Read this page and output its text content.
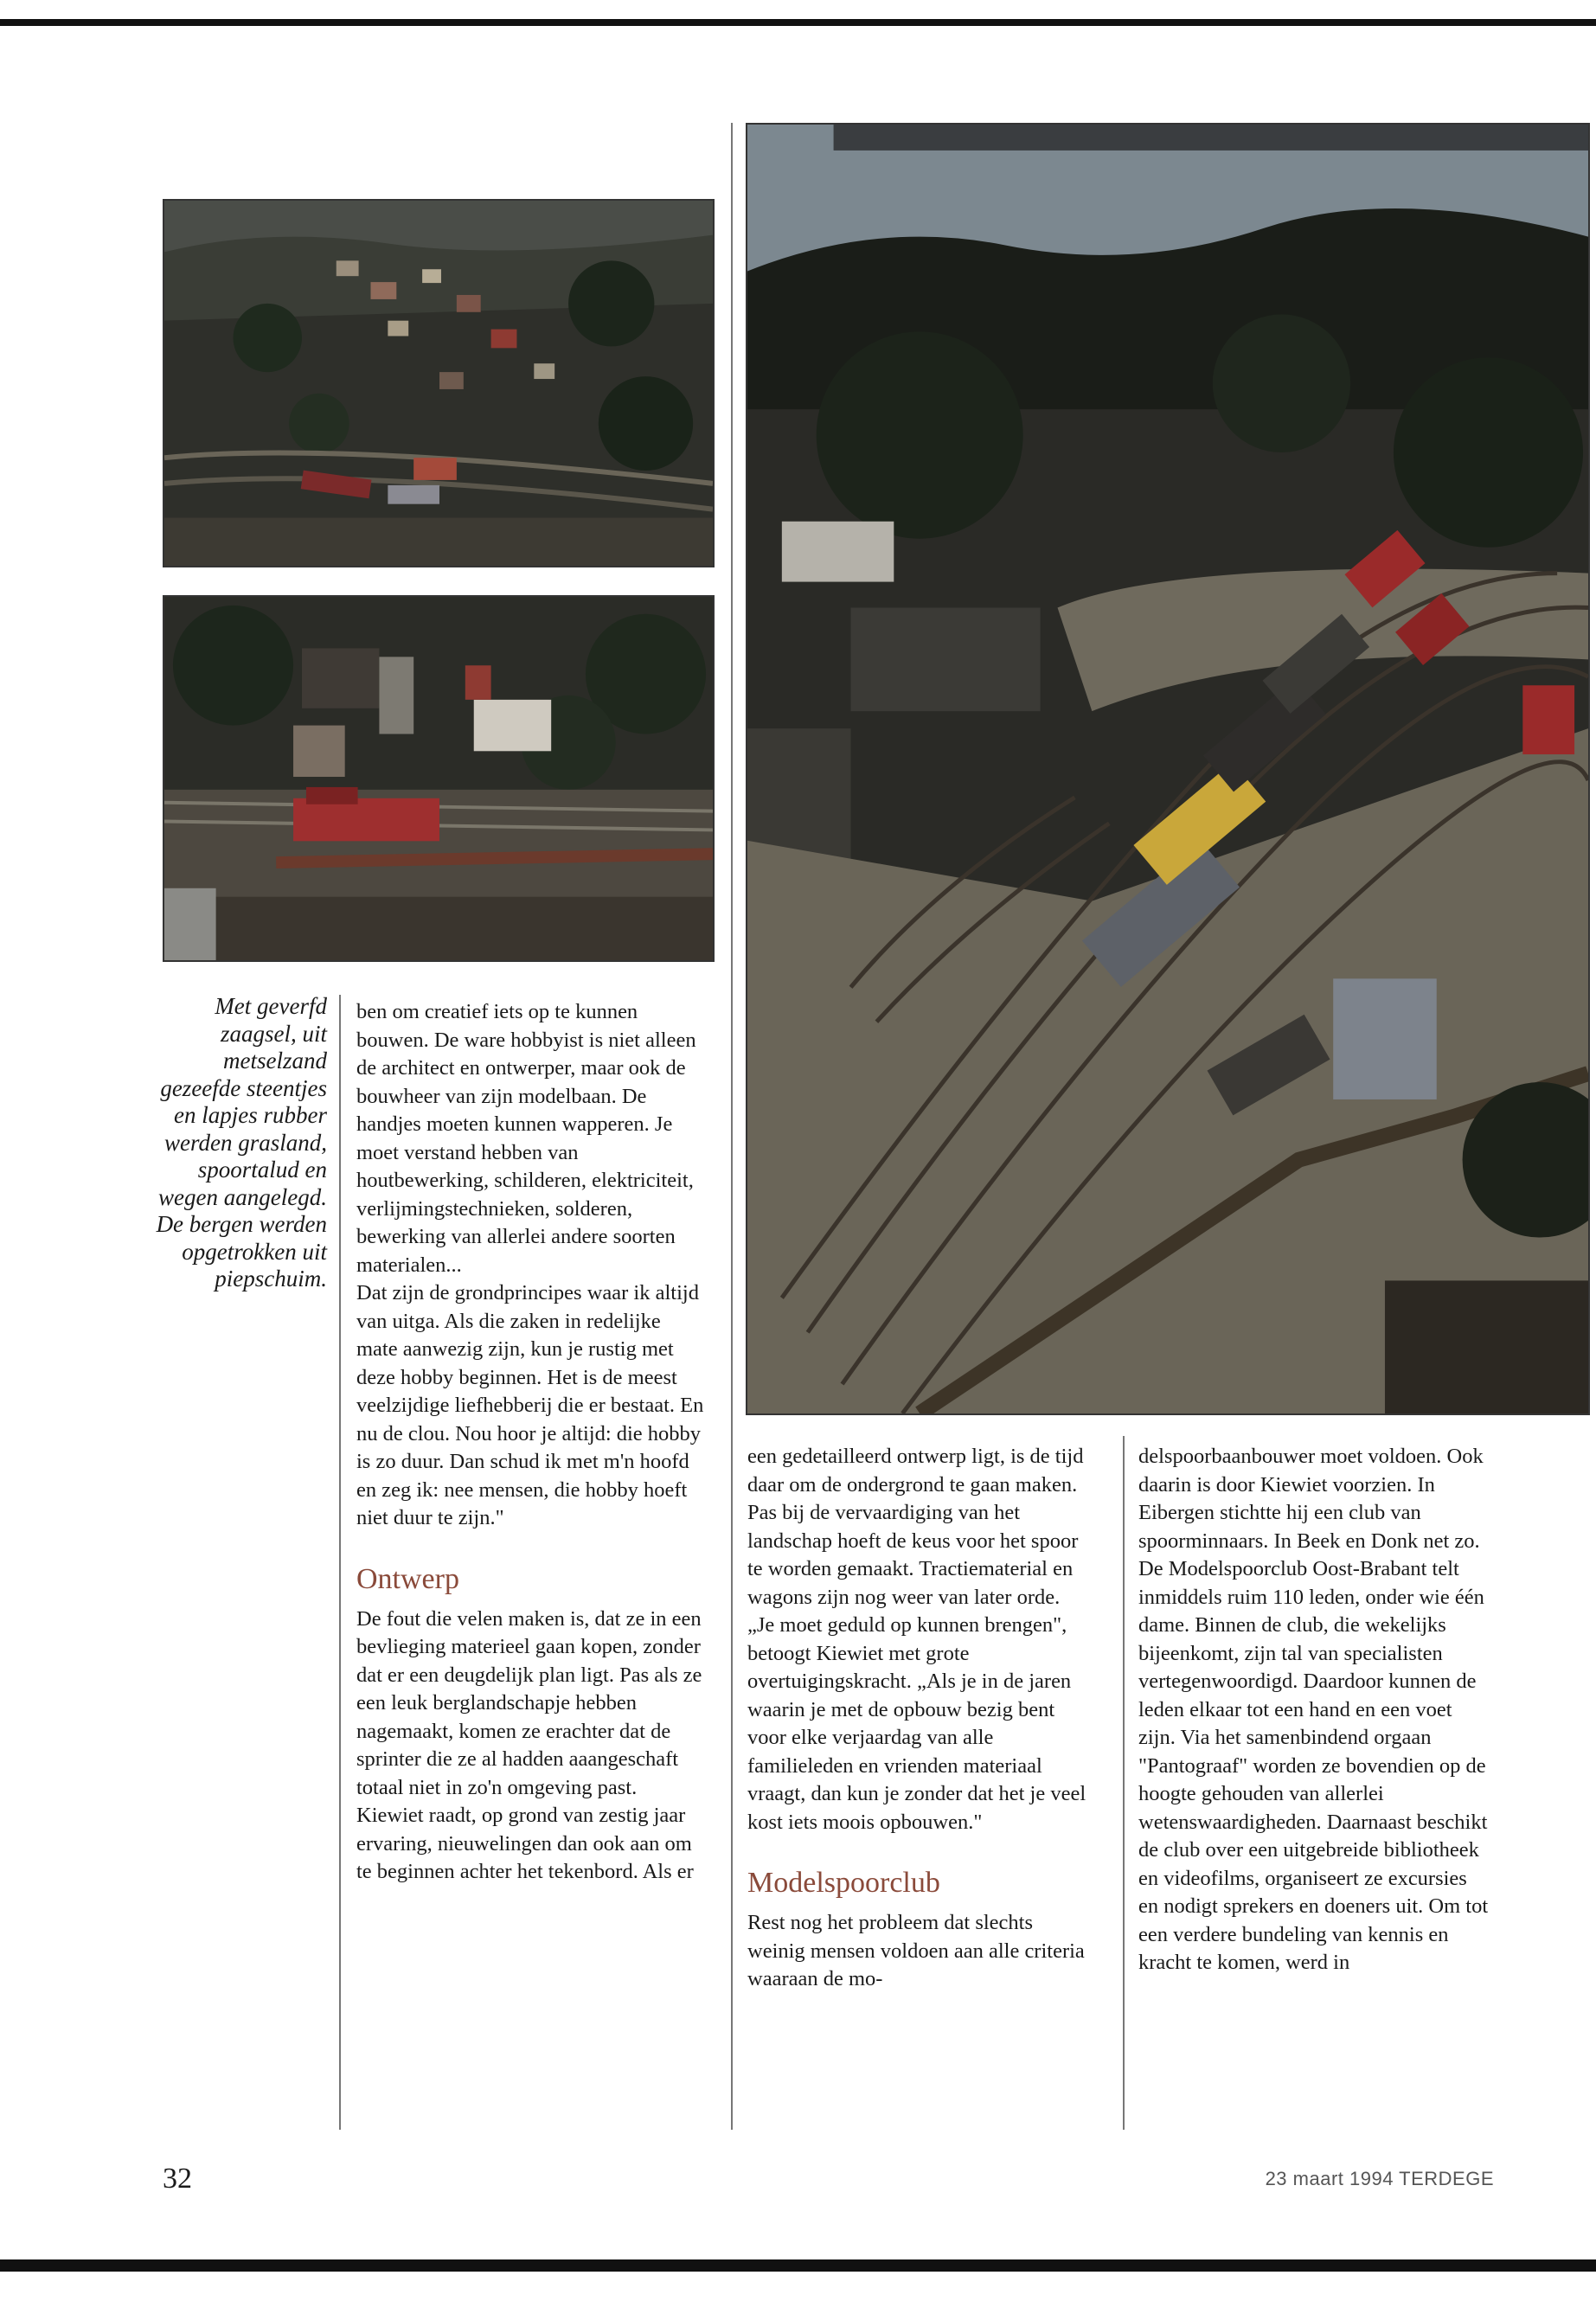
Met geverfd zaagsel, uit metselzand gezeefde steentjes en lapjes rubber werden grasland, spoortalud en wegen aangelegd. De bergen werden opgetrokken uit piepschuim.

ben om creatief iets op te kunnen bouwen. De ware hobbyist is niet alleen de architect en ontwerper, maar ook de bouwheer van zijn modelbaan. De handjes moeten kunnen wapperen. Je moet verstand hebben van houtbewerking, schilderen, elektriciteit, verlijmingstechnieken, solderen, bewerking van allerlei andere soorten materialen...

Dat zijn de grondprincipes waar ik altijd van uitga. Als die zaken in redelijke mate aanwezig zijn, kun je rustig met deze hobby beginnen. Het is de meest veelzijdige liefhebberij die er bestaat. En nu de clou. Nou hoor je altijd: die hobby is zo duur. Dan schud ik met m'n hoofd en zeg ik: nee mensen, die hobby hoeft niet duur te zijn."

Ontwerp

De fout die velen maken is, dat ze in een bevlieging materieel gaan kopen, zonder dat er een deugdelijk plan ligt. Pas als ze een leuk berglandschapje hebben nagemaakt, komen ze erachter dat de sprinter die ze al hadden aaangeschaft totaal niet in zo'n omgeving past.

Kiewiet raadt, op grond van zestig jaar ervaring, nieuwelingen dan ook aan om te beginnen achter het tekenbord. Als er

een gedetailleerd ontwerp ligt, is de tijd daar om de ondergrond te gaan maken. Pas bij de vervaardiging van het landschap hoeft de keus voor het spoor te worden gemaakt. Tractiematerial en wagons zijn nog weer van later orde.

„Je moet geduld op kunnen brengen", betoogt Kiewiet met grote overtuigingskracht. „Als je in de jaren waarin je met de opbouw bezig bent voor elke verjaardag van alle familieleden en vrienden materiaal vraagt, dan kun je zonder dat het je veel kost iets moois opbouwen."

Modelspoorclub

Rest nog het probleem dat slechts weinig mensen voldoen aan alle criteria waaraan de mo-

delspoorbaanbouwer moet voldoen. Ook daarin is door Kiewiet voorzien. In Eibergen stichtte hij een club van spoorminnaars. In Beek en Donk net zo. De Modelspoorclub Oost-Brabant telt inmiddels ruim 110 leden, onder wie één dame. Binnen de club, die wekelijks bijeenkomt, zijn tal van specialisten vertegenwoordigd. Daardoor kunnen de leden elkaar tot een hand en een voet zijn. Via het samenbindend orgaan "Pantograaf" worden ze bovendien op de hoogte gehouden van allerlei wetenswaardigheden. Daarnaast beschikt de club over een uitgebreide bibliotheek en videofilms, organiseert ze excursies en nodigt sprekers en doeners uit. Om tot een verdere bundeling van kennis en kracht te komen, werd in

32	23 maart 1994 TERDEGE
